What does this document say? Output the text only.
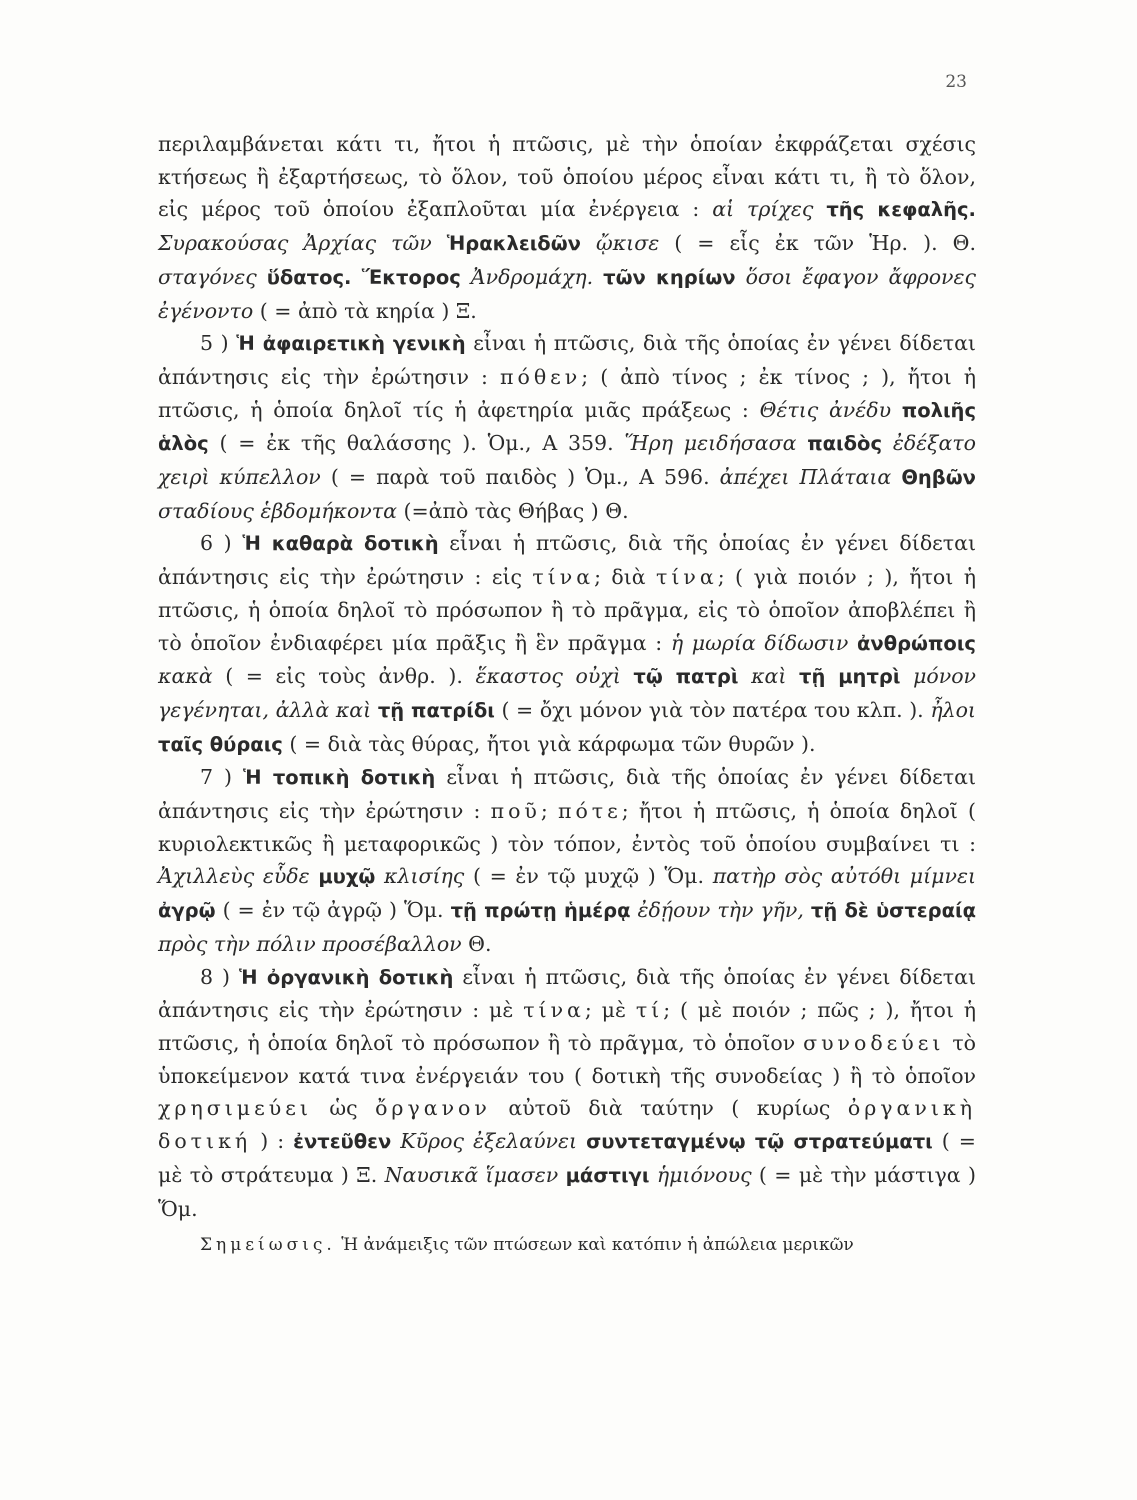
23

περιλαμβάνεται κάτι τι, ἤτοι ἡ πτῶσις, μὲ τὴν ὁποίαν ἐκφράζεται σχέσις κτήσεως ἢ ἐξαρτήσεως, τὸ ὅλον, τοῦ ὁποίου μέρος εἶναι κάτι τι, ἢ τὸ ὅλον, εἰς μέρος τοῦ ὁποίου ἐξαπλοῦται μία ἐνέργεια : αἱ τρίχες τῆς κεφαλῆς. Συρακούσας Ἀρχίας τῶν Ἡρακλειδῶν ᾤκισε ( = εἷς ἐκ τῶν Ἡρ. ). Θ. σταγόνες ὕδατος. Ἕκτορος Ἀνδρομάχη. τῶν κηρίων ὅσοι ἔφαγον ἄφρονες ἐγένοντο ( = ἀπὸ τὰ κηρία ) Ξ.

5 ) Ἡ ἀφαιρετικὴ γενικὴ εἶναι ἡ πτῶσις, διὰ τῆς ὁποίας ἐν γένει δίδεται ἀπάντησις εἰς τὴν ἐρώτησιν : πόθεν; ( ἀπὸ τίνος ; ἐκ τίνος ; ), ἤτοι ἡ πτῶσις, ἡ ὁποία δηλοῖ τίς ἡ ἀφετηρία μιᾶς πράξεως : Θέτις ἀνέδυ πολιῆς ἁλὸς ( = ἐκ τῆς θαλάσσης ). Ὁμ., Α 359. Ἥρη μειδήσασα παιδὸς ἐδέξατο χειρὶ κύπελλον ( = παρὰ τοῦ παιδὸς ) Ὁμ., Α 596. ἀπέχει Πλάταια Θηβῶν σταδίους ἑβδομήκοντα (=ἀπὸ τὰς Θήβας ) Θ.

6 ) Ἡ καθαρὰ δοτικὴ εἶναι ἡ πτῶσις, διὰ τῆς ὁποίας ἐν γένει δίδεται ἀπάντησις εἰς τὴν ἐρώτησιν : εἰς τίνα; διὰ τίνα; ( γιὰ ποιόν ; ), ἤτοι ἡ πτῶσις, ἡ ὁποία δηλοῖ τὸ πρόσωπον ἢ τὸ πρᾶγμα, εἰς τὸ ὁποῖον ἀποβλέπει ἢ τὸ ὁποῖον ἐνδιαφέρει μία πρᾶξις ἢ ἓν πρᾶγμα : ἡ μωρία δίδωσιν ἀνθρώποις κακὰ ( = εἰς τοὺς ἀνθρ. ). ἕκαστος οὐχὶ τῷ πατρὶ καὶ τῇ μητρὶ μόνον γεγένηται, ἀλλὰ καὶ τῇ πατρίδι ( = ὄχι μόνον γιὰ τὸν πατέρα του κλπ. ). ἦλοι ταῖς θύραις ( = διὰ τὰς θύρας, ἤτοι γιὰ κάρφωμα τῶν θυρῶν ).

7 ) Ἡ τοπικὴ δοτικὴ εἶναι ἡ πτῶσις, διὰ τῆς ὁποίας ἐν γένει δίδεται ἀπάντησις εἰς τὴν ἐρώτησιν : ποῦ; πότε; ἤτοι ἡ πτῶσις, ἡ ὁποία δηλοῖ ( κυριολεκτικῶς ἢ μεταφορικῶς ) τὸν τόπον, ἐντὸς τοῦ ὁποίου συμβαίνει τι : Ἀχιλλεὺς εὗδε μυχῷ κλισίης ( = ἐν τῷ μυχῷ ) Ὅμ. πατὴρ σὸς αὐτόθι μίμνει ἀγρῷ ( = ἐν τῷ ἀγρῷ ) Ὅμ. τῇ πρώτῃ ἡμέρᾳ ἐδῄουν τὴν γῆν, τῇ δὲ ὑστεραίᾳ πρὸς τὴν πόλιν προσέβαλλον Θ.

8 ) Ἡ ὀργανικὴ δοτικὴ εἶναι ἡ πτῶσις, διὰ τῆς ὁποίας ἐν γένει δίδεται ἀπάντησις εἰς τὴν ἐρώτησιν : μὲ τίνα; μὲ τί; ( μὲ ποιόν ; πῶς ; ), ἤτοι ἡ πτῶσις, ἡ ὁποία δηλοῖ τὸ πρόσωπον ἢ τὸ πρᾶγμα, τὸ ὁποῖον συνοδεύει τὸ ὑποκείμενον κατά τινα ἐνέργειάν του ( δοτικὴ τῆς συνοδείας ) ἢ τὸ ὁποῖον χρησιμεύει ὡς ὄργανον αὐτοῦ διὰ ταύτην ( κυρίως ὀργανικὴ δοτική ) : ἐντεῦθεν Κῦρος ἐξελαύνει συντεταγμένῳ τῷ στρατεύματι ( = μὲ τὸ στράτευμα ) Ξ. Ναυσικᾶ ἵμασεν μάστιγι ἡμιόνους ( = μὲ τὴν μάστιγα ) Ὅμ.

Σημείωσις. Ἡ ἀνάμειξις τῶν πτώσεων καὶ κατόπιν ἡ ἀπώλεια μερικῶν
